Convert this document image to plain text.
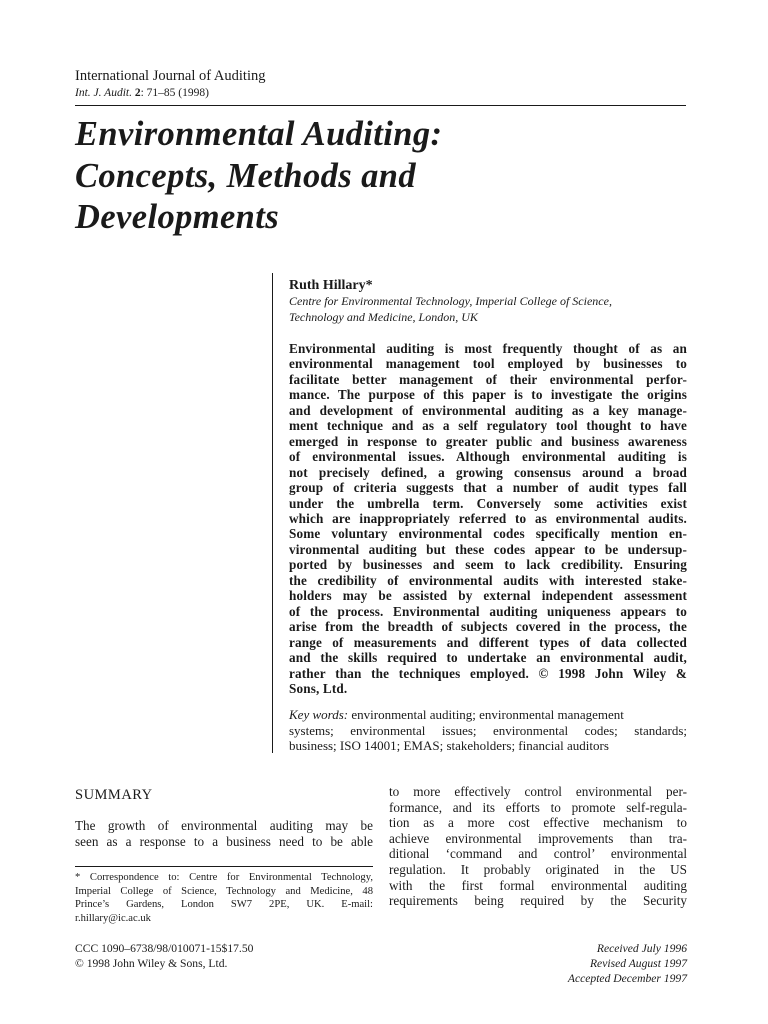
International Journal of Auditing
Int. J. Audit. 2: 71–85 (1998)
Environmental Auditing:
Concepts, Methods and
Developments
Ruth Hillary*
Centre for Environmental Technology, Imperial College of Science,
Technology and Medicine, London, UK
Environmental auditing is most frequently thought of as an
environmental management tool employed by businesses to
facilitate better management of their environmental perfor-
mance. The purpose of this paper is to investigate the origins
and development of environmental auditing as a key manage-
ment technique and as a self regulatory tool thought to have
emerged in response to greater public and business awareness
of environmental issues. Although environmental auditing is
not precisely defined, a growing consensus around a broad
group of criteria suggests that a number of audit types fall
under the umbrella term. Conversely some activities exist
which are inappropriately referred to as environmental audits.
Some voluntary environmental codes specifically mention en-
vironmental auditing but these codes appear to be undersup-
ported by businesses and seem to lack credibility. Ensuring
the credibility of environmental audits with interested stake-
holders may be assisted by external independent assessment
of the process. Environmental auditing uniqueness appears to
arise from the breadth of subjects covered in the process, the
range of measurements and different types of data collected
and the skills required to undertake an environmental audit,
rather than the techniques employed. © 1998 John Wiley &
Sons, Ltd.
Key words: environmental auditing; environmental management
systems; environmental issues; environmental codes; standards;
business; ISO 14001; EMAS; stakeholders; financial auditors
SUMMARY
The growth of environmental auditing may be
seen as a response to a business need to be able
* Correspondence to: Centre for Environmental Technology,
Imperial College of Science, Technology and Medicine, 48
Prince’s Gardens, London SW7 2PE, UK. E-mail:
r.hillary@ic.ac.uk
to more effectively control environmental per-
formance, and its efforts to promote self-regula-
tion as a more cost effective mechanism to
achieve environmental improvements than tra-
ditional ‘command and control’ environmental
regulation. It probably originated in the US
with the first formal environmental auditing
requirements being required by the Security
CCC 1090–6738/98/010071-15$17.50
© 1998 John Wiley & Sons, Ltd.
Received July 1996
Revised August 1997
Accepted December 1997
